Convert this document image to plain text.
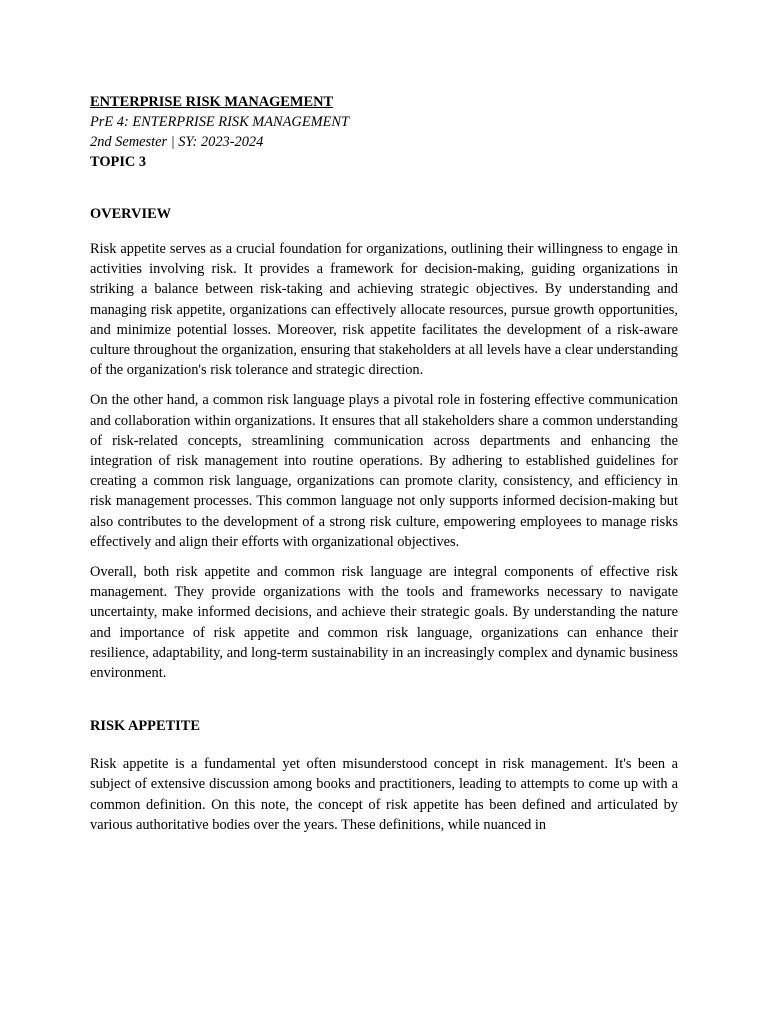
ENTERPRISE RISK MANAGEMENT

PrE 4: ENTERPRISE RISK MANAGEMENT

2nd Semester | SY: 2023-2024

TOPIC 3

OVERVIEW

Risk appetite serves as a crucial foundation for organizations, outlining their willingness to engage in activities involving risk. It provides a framework for decision-making, guiding organizations in striking a balance between risk-taking and achieving strategic objectives. By understanding and managing risk appetite, organizations can effectively allocate resources, pursue growth opportunities, and minimize potential losses. Moreover, risk appetite facilitates the development of a risk-aware culture throughout the organization, ensuring that stakeholders at all levels have a clear understanding of the organization's risk tolerance and strategic direction.

On the other hand, a common risk language plays a pivotal role in fostering effective communication and collaboration within organizations. It ensures that all stakeholders share a common understanding of risk-related concepts, streamlining communication across departments and enhancing the integration of risk management into routine operations. By adhering to established guidelines for creating a common risk language, organizations can promote clarity, consistency, and efficiency in risk management processes. This common language not only supports informed decision-making but also contributes to the development of a strong risk culture, empowering employees to manage risks effectively and align their efforts with organizational objectives.

Overall, both risk appetite and common risk language are integral components of effective risk management. They provide organizations with the tools and frameworks necessary to navigate uncertainty, make informed decisions, and achieve their strategic goals. By understanding the nature and importance of risk appetite and common risk language, organizations can enhance their resilience, adaptability, and long-term sustainability in an increasingly complex and dynamic business environment.

RISK APPETITE

Risk appetite is a fundamental yet often misunderstood concept in risk management. It's been a subject of extensive discussion among books and practitioners, leading to attempts to come up with a common definition. On this note, the concept of risk appetite has been defined and articulated by various authoritative bodies over the years. These definitions, while nuanced in
